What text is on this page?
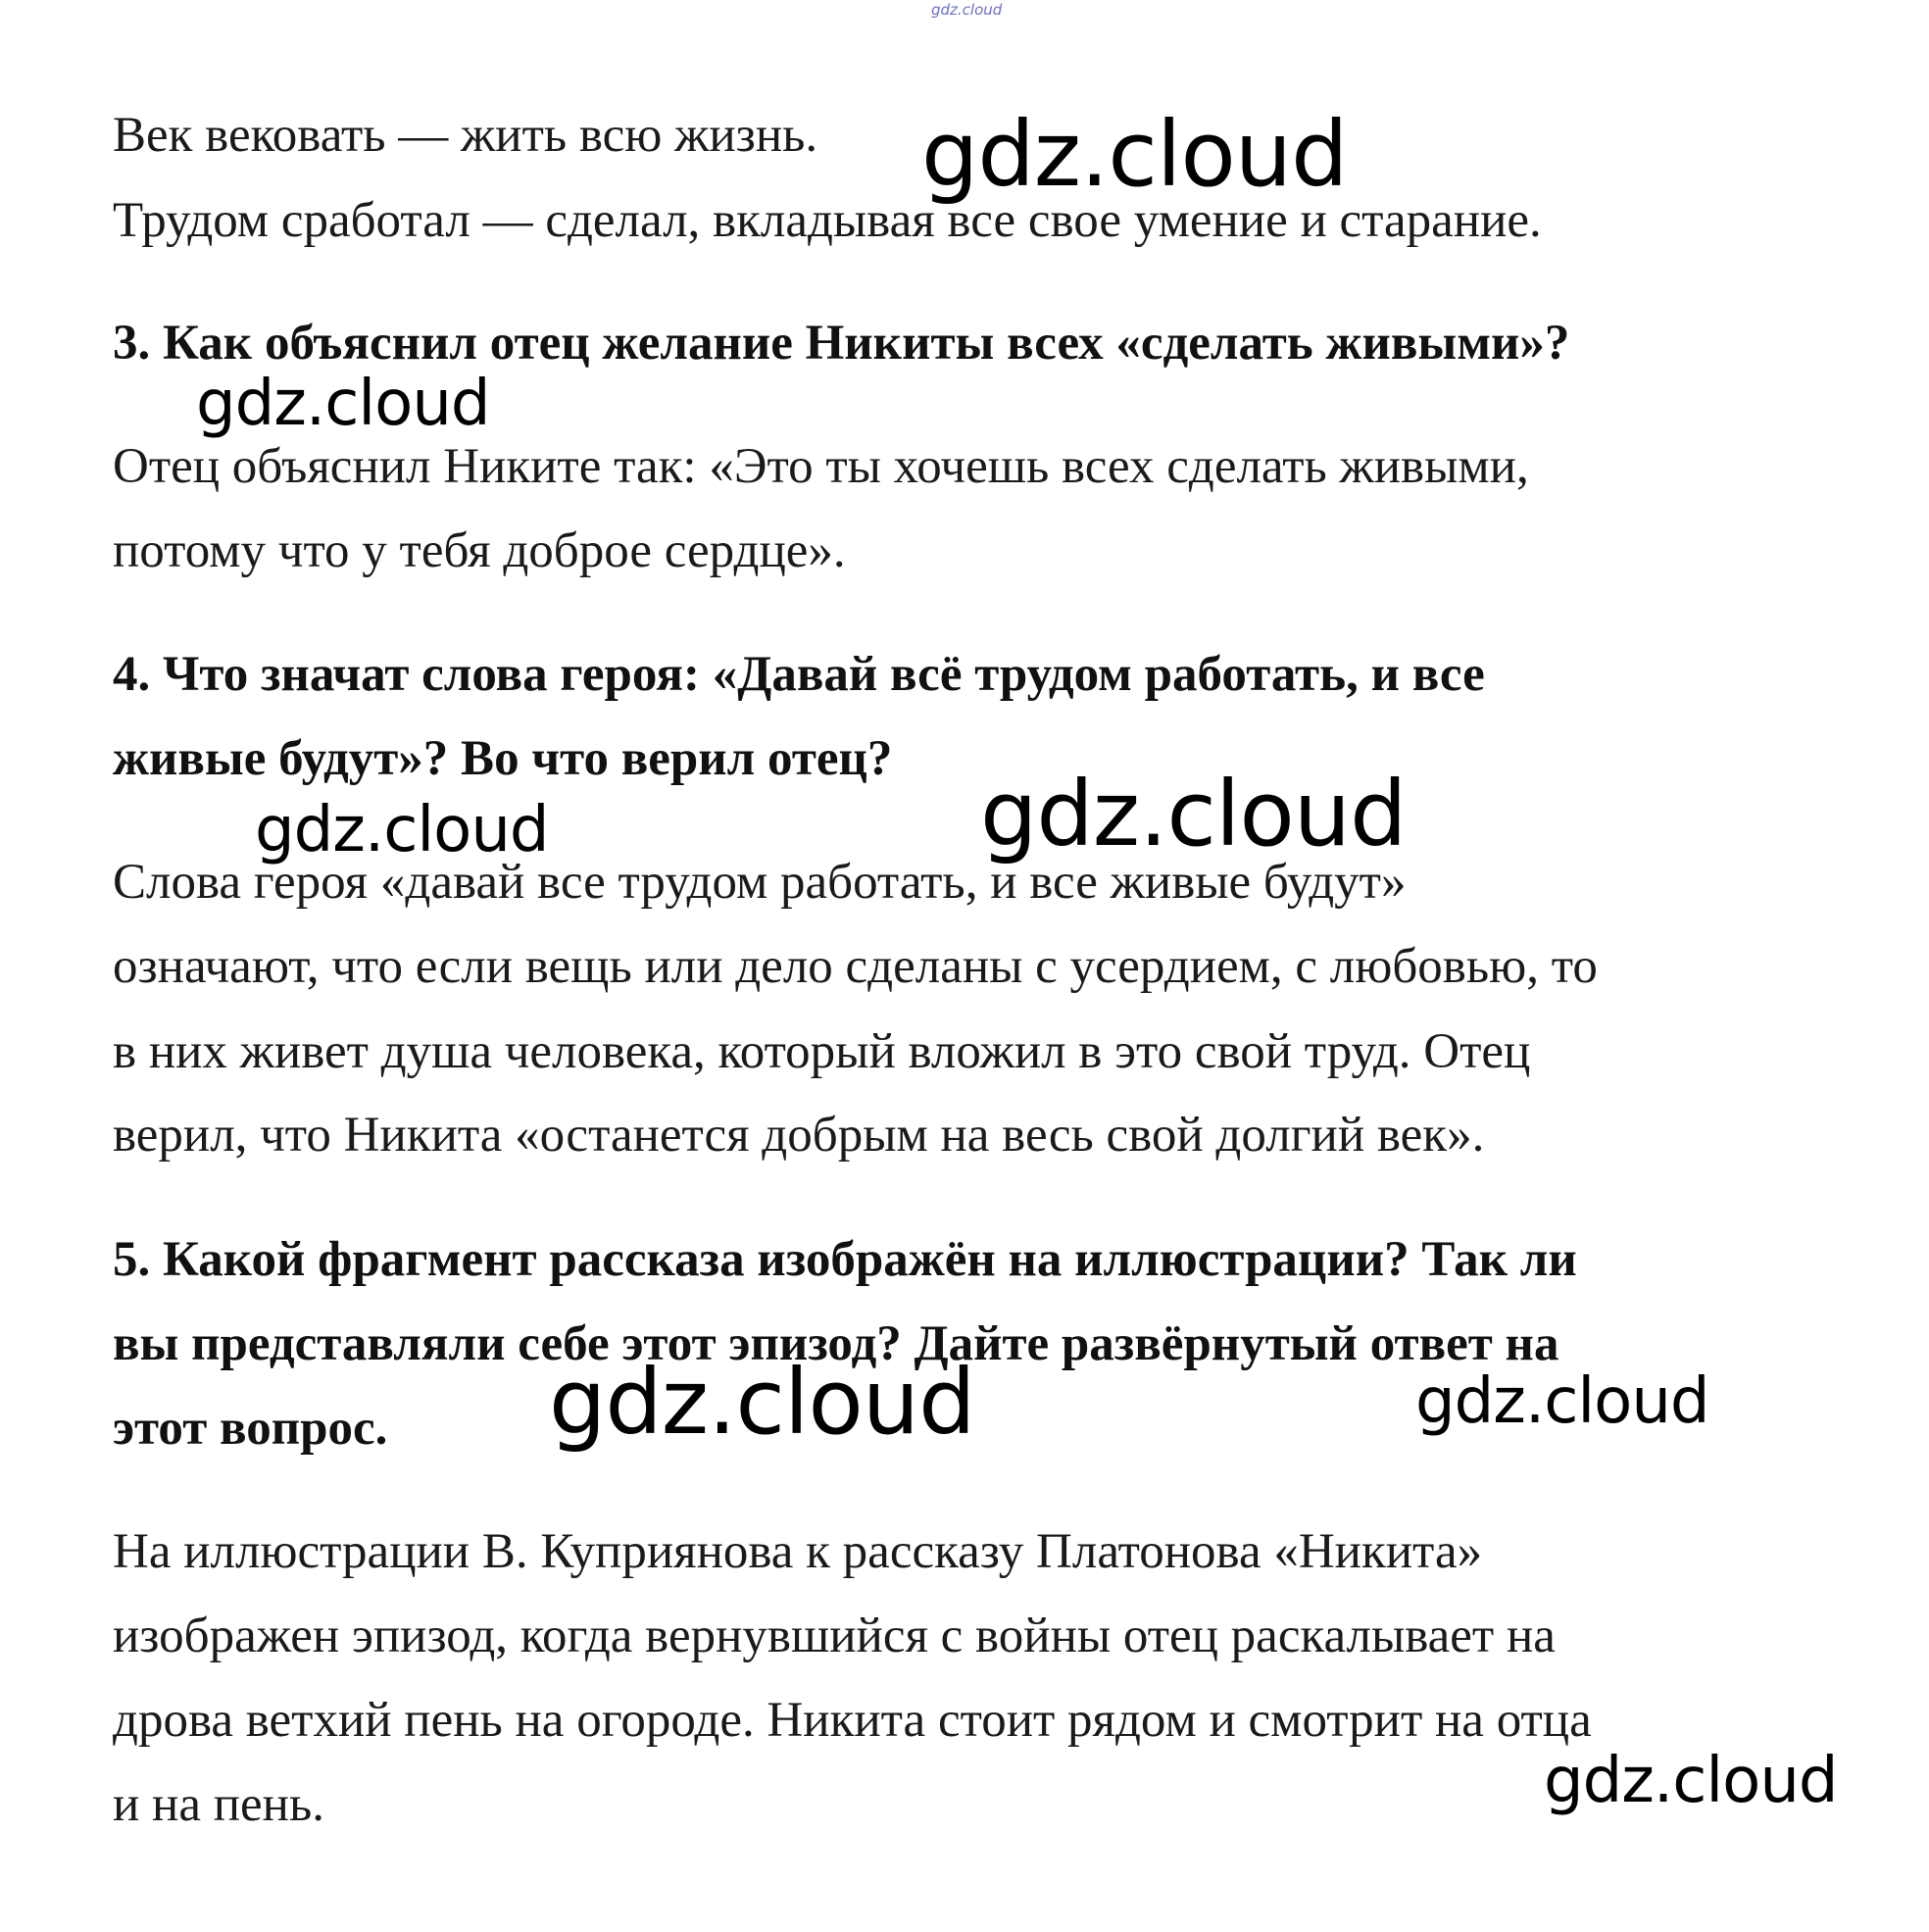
gdz.cloud
Век вековать — жить всю жизнь.
Трудом сработал — сделал, вкладывая все свое умение и старание.
3. Как объяснил отец желание Никиты всех «сделать живыми»?
Отец объяснил Никите так: «Это ты хочешь всех сделать живыми,
потому что у тебя доброе сердце».
4. Что значат слова героя: «Давай всё трудом работать, и все
живые будут»? Во что верил отец?
Слова героя «давай все трудом работать, и все живые будут»
означают, что если вещь или дело сделаны с усердием, с любовью, то
в них живет душа человека, который вложил в это свой труд. Отец
верил, что Никита «останется добрым на весь свой долгий век».
5. Какой фрагмент рассказа изображён на иллюстрации? Так ли
вы представляли себе этот эпизод? Дайте развёрнутый ответ на
этот вопрос.
На иллюстрации В. Куприянова к рассказу Платонова «Никита»
изображен эпизод, когда вернувшийся с войны отец раскалывает на
дрова ветхий пень на огороде. Никита стоит рядом и смотрит на отца
и на пень.
gdz.cloud
gdz.cloud
gdz.cloud	gdz.cloud
gdz.cloud	gdz.cloud
gdz.cloud
